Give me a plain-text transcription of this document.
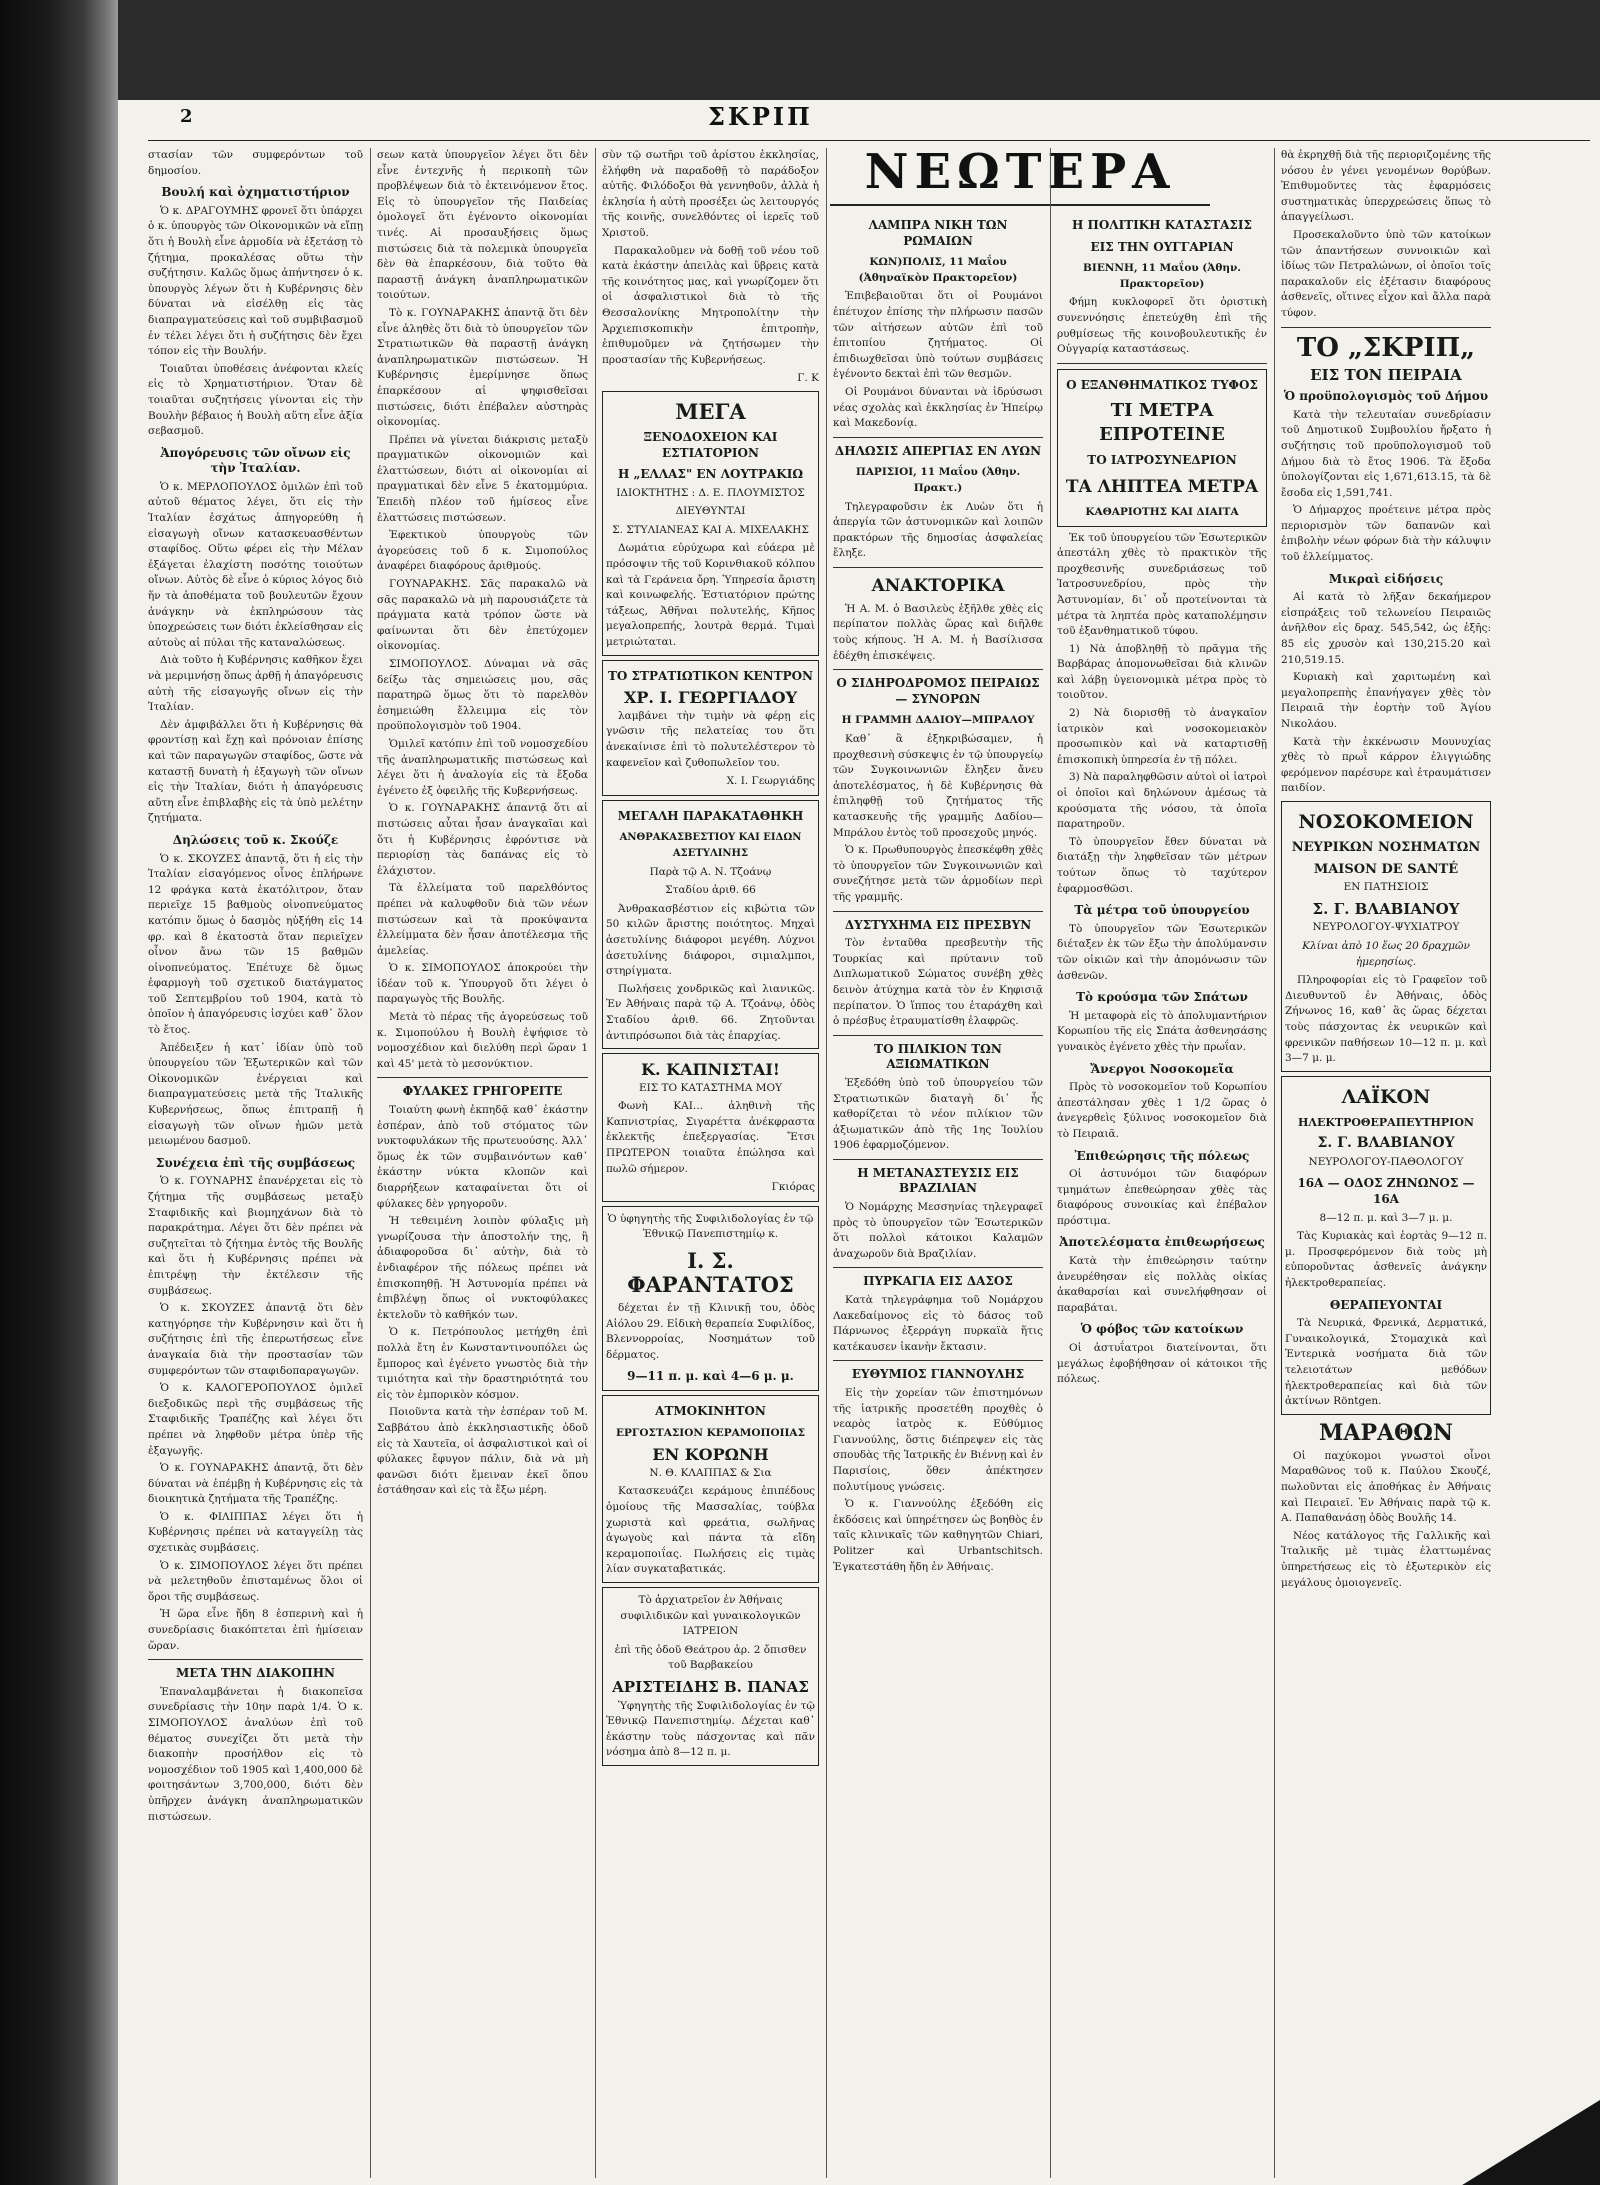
2	ΣΚΡΙΠ
ΝΕΩΤΕΡΑ

στασίαν τῶν συμφερόντων τοῦ δημοσίου.

Βουλή καὶ ὀχηματιστήριον

Ὁ κ. ΔΡΑΓΟΥΜΗΣ φρονεῖ ὅτι ὑπάρχει ὁ κ. ὑπουργὸς τῶν Οἰκονομικῶν νὰ εἴπῃ ὅτι ἡ Βουλὴ εἶνε ἁρμοδία νὰ ἐξετάσῃ τὸ ζήτημα, προκαλέσας οὕτω τὴν συζήτησιν. Καλῶς ὅμως ἀπήντησεν ὁ κ. ὑπουργὸς λέγων ὅτι ἡ Κυβέρνησις δὲν δύναται νὰ εἰσέλθῃ εἰς τὰς διαπραγματεύσεις καὶ τοῦ συμβιβασμοῦ ἐν τέλει λέγει ὅτι ἡ συζήτησις δὲν ἔχει τόπον εἰς τὴν Βουλήν.

Τοιαῦται ὑποθέσεις ἀνέφονται κλείς εἰς τὸ Χρηματιστήριον. Ὅταν δὲ τοιαῦται συζητήσεις γίνονται εἰς τὴν Βουλὴν βέβαιος ἡ Βουλὴ αὕτη εἶνε ἀξία σεβασμοῦ.

Ἀπογόρευσις τῶν οἴνων εἰς τὴν Ἰταλίαν.

Ὁ κ. ΜΕΡΛΟΠΟΥΛΟΣ ὁμιλῶν ἐπὶ τοῦ αὐτοῦ θέματος λέγει, ὅτι εἰς τὴν Ἰταλίαν ἐσχάτως ἀπηγορεύθη ἡ εἰσαγωγὴ οἴνων κατασκευασθέντων σταφίδος. Οὕτω φέρει εἰς τὴν Μέλαν ἐξάγεται ἐλαχίστη ποσότης τοιούτων οἴνων. Αὐτὸς δὲ εἶνε ὁ κύριος λόγος διὸ ἥν τὰ ἀποθέματα τοῦ βουλευτῶν ἔχουν ἀνάγκην νὰ ἐκπληρώσουν τὰς ὑποχρεώσεις των διότι ἐκλείσθησαν εἰς αὐτοὺς αἱ πύλαι τῆς καταναλώσεως.

Διὰ τοῦτο ἡ Κυβέρνησις καθῆκον ἔχει νὰ μεριμνήσῃ ὅπως ἀρθῇ ἡ ἀπαγόρευσις αὐτὴ τῆς εἰσαγωγῆς οἴνων εἰς τὴν Ἰταλίαν.

Δὲν ἀμφιβάλλει ὅτι ἡ Κυβέρνησις θὰ φροντίσῃ καὶ ἔχῃ καὶ πρόνοιαν ἐπίσης καὶ τῶν παραγωγῶν σταφίδος, ὥστε νὰ καταστῇ δυνατὴ ἡ ἐξαγωγὴ τῶν οἴνων εἰς τὴν Ἰταλίαν, διότι ἡ ἀπαγόρευσις αὕτη εἶνε ἐπιβλαβὴς εἰς τὰ ὑπὸ μελέτην ζητήματα.

Δηλώσεις τοῦ κ. Σκούζε

Ὁ κ. ΣΚΟΥΖΕΣ ἀπαντᾷ, ὅτι ἡ εἰς τὴν Ἰταλίαν εἰσαγόμενος οἶνος ἐπλήρωνε 12 φράγκα κατὰ ἑκατόλιτρον, ὅταν περιεῖχε 15 βαθμοὺς οἰνοπνεύματος κατόπιν ὅμως ὁ δασμὸς ηὐξήθη εἰς 14 φρ. καὶ 8 ἑκατοστὰ ὅταν περιεῖχεν οἶνον ἄνω τῶν 15 βαθμῶν οἰνοπνεύματος. Ἐπέτυχε δὲ ὅμως ἐφαρμογὴ τοῦ σχετικοῦ διατάγματος τοῦ Σεπτεμβρίου τοῦ 1904, κατὰ τὸ ὁποῖον ἡ ἀπαγόρευσις ἰσχύει καθ᾽ ὅλον τὸ ἔτος.

Ἀπέδειξεν ἡ κατ᾽ ἰδίαν ὑπὸ τοῦ ὑπουργείου τῶν Ἐξωτερικῶν καὶ τῶν Οἰκονομικῶν ἐνέργειαι καὶ διαπραγματεύσεις μετὰ τῆς Ἰταλικῆς Κυβερνήσεως, ὅπως ἐπιτραπῇ ἡ εἰσαγωγὴ τῶν οἴνων ἡμῶν μετὰ μειωμένου δασμοῦ.

Συνέχεια ἐπὶ τῆς συμβάσεως

Ὁ κ. ΓΟΥΝΑΡΗΣ ἐπανέρχεται εἰς τὸ ζήτημα τῆς συμβάσεως μεταξὺ Σταφιδικῆς καὶ βιομηχάνων διὰ τὸ παρακράτημα. Λέγει ὅτι δὲν πρέπει νὰ συζητεῖται τὸ ζήτημα ἐντὸς τῆς Βουλῆς καὶ ὅτι ἡ Κυβέρνησις πρέπει νὰ ἐπιτρέψῃ τὴν ἐκτέλεσιν τῆς συμβάσεως.

Ὁ κ. ΣΚΟΥΖΕΣ ἀπαντᾷ ὅτι δὲν κατηγόρησε τὴν Κυβέρνησιν καὶ ὅτι ἡ συζήτησις ἐπὶ τῆς ἐπερωτήσεως εἶνε ἀναγκαία διὰ τὴν προστασίαν τῶν συμφερόντων τῶν σταφιδοπαραγωγῶν.

Ὁ κ. ΚΑΛΟΓΕΡΟΠΟΥΛΟΣ ὁμιλεῖ διεξοδικῶς περὶ τῆς συμβάσεως τῆς Σταφιδικῆς Τραπέζης καὶ λέγει ὅτι πρέπει νὰ ληφθοῦν μέτρα ὑπὲρ τῆς ἐξαγωγῆς.

Ὁ κ. ΓΟΥΝΑΡΑΚΗΣ ἀπαντᾷ, ὅτι δὲν δύναται νὰ ἐπέμβῃ ἡ Κυβέρνησις εἰς τὰ διοικητικὰ ζητήματα τῆς Τραπέζης.

Ὁ κ. ΦΙΛΙΠΠΑΣ λέγει ὅτι ἡ Κυβέρνησις πρέπει νὰ καταγγείλῃ τὰς σχετικὰς συμβάσεις.

Ὁ κ. ΣΙΜΟΠΟΥΛΟΣ λέγει ὅτι πρέπει νὰ μελετηθοῦν ἐπισταμένως ὅλοι οἱ ὅροι τῆς συμβάσεως.

Ἡ ὥρα εἶνε ἤδη 8 ἑσπερινὴ καὶ ἡ συνεδρίασις διακόπτεται ἐπὶ ἡμίσειαν ὥραν.

ΜΕΤΑ ΤΗΝ ΔΙΑΚΟΠΗΝ

Ἐπαναλαμβάνεται ἡ διακοπεῖσα συνεδρίασις τὴν 10ην παρὰ 1/4. Ὁ κ. ΣΙΜΟΠΟΥΛΟΣ ἀναλύων ἐπὶ τοῦ θέματος συνεχίζει ὅτι μετὰ τὴν διακοπὴν προσήλθον εἰς τὸ νομοσχέδιον τοῦ 1905 καὶ 1,400,000 δὲ φοιτησάντων 3,700,000, διότι δὲν ὑπῆρχεν ἀνάγκη ἀναπληρωματικῶν πιστώσεων.

σεων κατὰ ὑπουργεῖον λέγει ὅτι δὲν εἶνε ἐντεχνῆς ἡ περικοπὴ τῶν προβλέψεων διὰ τὸ ἐκτεινόμενον ἔτος. Εἰς τὸ ὑπουργεῖον τῆς Παιδείας ὁμολογεῖ ὅτι ἐγένοντο οἰκονομίαι τινές. Αἱ προσαυξήσεις ὅμως πιστώσεις διὰ τὰ πολεμικὰ ὑπουργεῖα δὲν θὰ ἐπαρκέσουν, διὰ τοῦτο θὰ παραστῇ ἀνάγκη ἀναπληρωματικῶν τοιούτων.

Τὸ κ. ΓΟΥΝΑΡΑΚΗΣ ἀπαντᾷ ὅτι δὲν εἶνε ἀληθὲς ὅτι διὰ τὸ ὑπουργεῖον τῶν Στρατιωτικῶν θὰ παραστῇ ἀνάγκη ἀναπληρωματικῶν πιστώσεων. Ἡ Κυβέρνησις ἐμερίμνησε ὅπως ἐπαρκέσουν αἱ ψηφισθεῖσαι πιστώσεις, διότι ἐπέβαλεν αὐστηρὰς οἰκονομίας.

Πρέπει νὰ γίνεται διάκρισις μεταξὺ πραγματικῶν οἰκονομιῶν καὶ ἐλαττώσεων, διότι αἱ οἰκονομίαι αἱ πραγματικαὶ δὲν εἶνε 5 ἑκατομμύρια. Ἐπειδὴ πλέον τοῦ ἡμίσεος εἶνε ἐλαττώσεις πιστώσεων.

Ἐφεκτικοὺ ὑπουργοὺς τῶν ἀγορεύσεις τοῦ δ κ. Σιμοπούλος ἀναφέρει διαφόρους ἀριθμούς.

ΓΟΥΝΑΡΑΚΗΣ. Σᾶς παρακαλῶ νὰ σᾶς παρακαλῶ νὰ μὴ παρουσιάζετε τὰ πράγματα κατὰ τρόπον ὥστε νὰ φαίνωνται ὅτι δὲν ἐπετύχομεν οἰκονομίας.

ΣΙΜΟΠΟΥΛΟΣ. Δύναμαι νὰ σᾶς δείξω τὰς σημειώσεις μου, σᾶς παρατηρῶ ὅμως ὅτι τὸ παρελθὸν ἐσημειώθη ἔλλειμμα εἰς τὸν προϋπολογισμὸν τοῦ 1904.

Ὁμιλεῖ κατόπιν ἐπὶ τοῦ νομοσχεδίου τῆς ἀναπληρωματικῆς πιστώσεως καὶ λέγει ὅτι ἡ ἀναλογία εἰς τὰ ἔξοδα ἐγένετο ἐξ ὀφειλῆς τῆς Κυβερνήσεως.

Ὁ κ. ΓΟΥΝΑΡΑΚΗΣ ἀπαντᾷ ὅτι αἱ πιστώσεις αὗται ἦσαν ἀναγκαῖαι καὶ ὅτι ἡ Κυβέρνησις ἐφρόντισε νὰ περιορίσῃ τὰς δαπάνας εἰς τὸ ἐλάχιστον.

Τὰ ἐλλείματα τοῦ παρελθόντος πρέπει νὰ καλυφθοῦν διὰ τῶν νέων πιστώσεων καὶ τὰ προκύψαντα ἐλλείμματα δὲν ἦσαν ἀποτέλεσμα τῆς ἀμελείας.

Ὁ κ. ΣΙΜΟΠΟΥΛΟΣ ἀποκρούει τὴν ἰδέαν τοῦ κ. Ὑπουργοῦ ὅτι λέγει ὁ παραγωγὸς τῆς Βουλῆς.

Μετὰ τὸ πέρας τῆς ἀγορεύσεως τοῦ κ. Σιμοπούλου ἡ Βουλὴ ἐψήφισε τὸ νομοσχέδιον καὶ διελύθη περὶ ὥραν 1 καὶ 45' μετὰ τὸ μεσονύκτιον.

ΦΥΛΑΚΕΣ ΓΡΗΓΟΡΕΙΤΕ

Τοιαύτη φωνὴ ἐκπηδᾷ καθ᾽ ἑκάστην ἑσπέραν, ἀπὸ τοῦ στόματος τῶν νυκτοφυλάκων τῆς πρωτευούσης. Ἀλλ᾽ ὅμως ἐκ τῶν συμβαινόντων καθ᾽ ἑκάστην νύκτα κλοπῶν καὶ διαρρήξεων καταφαίνεται ὅτι οἱ φύλακες δὲν γρηγοροῦν.

Ἡ τεθειμένη λοιπὸν φύλαξις μὴ γνωρίζουσα τὴν ἀποστολήν της, ἢ ἀδιαφοροῦσα δι᾽ αὐτὴν, διὰ τὸ ἐνδιαφέρον τῆς πόλεως πρέπει νὰ ἐπισκοπηθῇ. Ἡ Ἀστυνομία πρέπει νὰ ἐπιβλέψῃ ὅπως οἱ νυκτοφύλακες ἐκτελοῦν τὸ καθῆκόν των.

Ὁ κ. Πετρόπουλος μετήχθη ἐπὶ πολλὰ ἔτη ἐν Κωνσταντινουπόλει ὡς ἔμπορος καὶ ἐγένετο γνωστὸς διὰ τὴν τιμιότητα καὶ τὴν δραστηριότητά του εἰς τὸν ἐμπορικὸν κόσμον.

Ποιοῦντα κατὰ τὴν ἑσπέραν τοῦ Μ. Σαββάτου ἀπὸ ἐκκλησιαστικῆς ὁδοῦ εἰς τὰ Χαυτεῖα, οἱ ἀσφαλιστικοὶ καὶ οἱ φύλακες ἔφυγον πάλιν, διὰ νὰ μὴ φανῶσι διότι ἔμειναν ἐκεῖ ὅπου ἐστάθησαν καὶ εἰς τὰ ἔξω μέρη.

σὺν τῷ σωτῆρι τοῦ ἀρίστου ἐκκλησίας, ἐλήφθη νὰ παραδοθῇ τὸ παράδοξον αὐτῆς. Φιλόδοξοι θὰ γεννηθοῦν, ἀλλὰ ἡ ἐκλησία ἡ αὐτὴ προσέξει ὡς λειτουργός τῆς κοινῆς, συνελθόντες οἱ ἱερεῖς τοῦ Χριστοῦ.

Παρακαλοῦμεν νὰ δοθῇ τοῦ νέου τοῦ κατὰ ἑκάστην ἀπειλὰς καὶ ὕβρεις κατὰ τῆς κοινότητος μας, καὶ γνωρίζομεν ὅτι οἱ ἀσφαλιστικοὶ διὰ τὸ τῆς Θεσσαλονίκης Μητροπολίτην τὴν Ἀρχιεπισκοπικὴν ἐπιτροπὴν, ἐπιθυμοῦμεν νὰ ζητήσωμεν τὴν προστασίαν τῆς Κυβερνήσεως.

Γ. Κ

ΜΕΓΑ

ΞΕΝΟΔΟΧΕΙΟΝ ΚΑΙ ΕΣΤΙΑΤΟΡΙΟΝ

Η „ΕΛΛΑΣ" ΕΝ ΛΟΥΤΡΑΚΙΩ

ΙΔΙΟΚΤΗΤΗΣ : Δ. Ε. ΠΛΟΥΜΙΣΤΟΣ

ΔΙΕΥΘΥΝΤΑΙ

Σ. ΣΤΥΛΙΑΝΕΑΣ ΚΑΙ Α. ΜΙΧΕΛΑΚΗΣ

Δωμάτια εὐρύχωρα καὶ εὐάερα μὲ πρόσοψιν τῆς τοῦ Κορινθιακοῦ κόλπου καὶ τὰ Γεράνεια ὄρη. Ὑπηρεσία ἄριστη καὶ κοινωφελής. Ἑστιατόριον πρώτης τάξεως, Ἀθῆναι πολυτελής, Κῆπος μεγαλοπρεπής, λουτρὰ θερμά. Τιμαὶ μετριώταται.

ΤΟ ΣΤΡΑΤΙΩΤΙΚΟΝ ΚΕΝΤΡΟΝ

ΧΡ. Ι. ΓΕΩΡΓΙΑΔΟΥ

λαμβάνει τὴν τιμὴν νὰ φέρῃ εἰς γνῶσιν τῆς πελατείας του ὅτι ἀνεκαίνισε ἐπὶ τὸ πολυτελέστερον τὸ καφενεῖον καὶ ζυθοπωλεῖον του.

Χ. Ι. Γεωργιάδης

ΜΕΓΑΛΗ ΠΑΡΑΚΑΤΑΘΗΚΗ

ΑΝΘΡΑΚΑΣΒΕΣΤΙΟΥ ΚΑΙ ΕΙΔΩΝ ΑΣΕΤΥΛΙΝΗΣ

Παρὰ τῷ Α. Ν. Τζοάνῳ

Σταδίου ἀριθ. 66

Ἀνθρακασβέστιον εἰς κιβώτια τῶν 50 κιλῶν ἄριστης ποιότητος. Μηχαὶ ἀσετυλίνης διάφοροι μεγέθη. Λύχνοι ἀσετυλίνης διάφοροι, σιμιαλμποι, στηρίγματα.

Πωλήσεις χονδρικῶς καὶ λιανικῶς. Ἐν Ἀθήναις παρὰ τῷ Α. Τζοάνῳ, ὁδὸς Σταδίου ἀριθ. 66. Ζητοῦνται ἀντιπρόσωποι διὰ τὰς ἐπαρχίας.

Κ. ΚΑΠΝΙΣΤΑΙ!

ΕΙΣ ΤΟ ΚΑΤΑΣΤΗΜΑ ΜΟΥ

Φωνὴ ΚΑΙ... ἀληθινὴ τῆς Καπνιστρίας, Σιγαρέττα ἀνέκφραστα ἐκλεκτῆς ἐπεξεργασίας. Ἔτσι ΠΡΩΤΕΡΟΝ τοιαῦτα ἐπώλησα καὶ πωλῶ σήμερον.

Γκιόρας

Ὁ ὑφηγητὴς τῆς Συφιλιδολογίας ἐν τῷ Ἐθνικῷ Πανεπιστημίῳ κ.

Ι. Σ. ΦΑΡΑΝΤΑΤΟΣ

δέχεται ἐν τῇ Κλινικῇ του, ὁδὸς Αἰόλου 29. Εἰδικὴ θεραπεία Συφιλίδος, Βλεννορροίας, Νοσημάτων τοῦ δέρματος.

9—11 π. μ. καὶ 4—6 μ. μ.

ΑΤΜΟΚΙΝΗΤΟΝ

ΕΡΓΟΣΤΑΣΙΟΝ ΚΕΡΑΜΟΠΟΙΙΑΣ

ΕΝ ΚΟΡΩΝΗ

Ν. Θ. ΚΛΑΠΠΑΣ & Σια

Κατασκευάζει κεράμους ἐπιπέδους ὁμοίους τῆς Μασσαλίας, τούβλα χωριστὰ καὶ φρεάτια, σωλῆνας ἀγωγοὺς καὶ πάντα τὰ εἴδη κεραμοποιΐας. Πωλήσεις εἰς τιμὰς λίαν συγκαταβατικάς.

Τὸ ἀρχιατρεῖον ἐν Ἀθήναις συφιλιδικῶν καὶ γυναικολογικῶν ΙΑΤΡΕΙΟΝ

ἐπὶ τῆς ὁδοῦ Θεάτρου ἀρ. 2 ὄπισθεν τοῦ Βαρβακείου

ΑΡΙΣΤΕΙΔΗΣ Β. ΠΑΝΑΣ

Ὑφηγητὴς τῆς Συφιλιδολογίας ἐν τῷ Ἐθνικῷ Πανεπιστημίῳ. Δέχεται καθ᾽ ἑκάστην τοὺς πάσχοντας καὶ πᾶν νόσημα ἀπὸ 8—12 π. μ.

ΛΑΜΠΡΑ ΝΙΚΗ ΤΩΝ ΡΩΜΑΙΩΝ

ΚΩΝ)ΠΟΛΙΣ, 11 Μαΐου (Ἀθηναϊκὸν Πρακτορεῖον)

Ἐπιβεβαιοῦται ὅτι οἱ Ρουμάνοι ἐπέτυχον ἐπίσης τὴν πλήρωσιν πασῶν τῶν αἰτήσεων αὐτῶν ἐπὶ τοῦ ἐπιτοπίου ζητήματος. Οἱ ἐπιδιωχθεῖσαι ὑπὸ τούτων συμβάσεις ἐγένοντο δεκταὶ ἐπὶ τῶν θεσμῶν.

Οἱ Ρουμάνοι δύνανται νὰ ἱδρύσωσι νέας σχολὰς καὶ ἐκκλησίας ἐν Ἠπείρῳ καὶ Μακεδονίᾳ.

ΔΗΛΩΣΙΣ ΑΠΕΡΓΙΑΣ ΕΝ ΛΥΩΝ

ΠΑΡΙΣΙΟΙ, 11 Μαΐου (Ἀθην. Πρακτ.)

Τηλεγραφοῦσιν ἐκ Λυὼν ὅτι ἡ ἀπεργία τῶν ἀστυνομικῶν καὶ λοιπῶν πρακτόρων τῆς δημοσίας ἀσφαλείας ἔληξε.

ΑΝΑΚΤΟΡΙΚΑ

Ἡ Α. Μ. ὁ Βασιλεὺς ἐξῆλθε χθὲς εἰς περίπατον πολλὰς ὥρας καὶ διῆλθε τοὺς κήπους. Ἡ Α. Μ. ἡ Βασίλισσα ἐδέχθη ἐπισκέψεις.

Ο ΣΙΔΗΡΟΔΡΟΜΟΣ ΠΕΙΡΑΙΩΣ — ΣΥΝΟΡΩΝ

Η ΓΡΑΜΜΗ ΔΑΔΙΟΥ—ΜΠΡΑΛΟΥ

Καθ᾽ ἃ ἐξηκριβώσαμεν, ἡ προχθεσινὴ σύσκεψις ἐν τῷ ὑπουργείῳ τῶν Συγκοινωνιῶν ἔληξεν ἄνευ ἀποτελέσματος, ἡ δὲ Κυβέρνησις θὰ ἐπιληφθῇ τοῦ ζητήματος τῆς κατασκευῆς τῆς γραμμῆς Δαδίου—Μπράλου ἐντὸς τοῦ προσεχοῦς μηνός.

Ὁ κ. Πρωθυπουργὸς ἐπεσκέφθη χθὲς τὸ ὑπουργεῖον τῶν Συγκοινωνιῶν καὶ συνεζήτησε μετὰ τῶν ἁρμοδίων περὶ τῆς γραμμῆς.

ΔΥΣΤΥΧΗΜΑ ΕΙΣ ΠΡΕΣΒΥΝ

Τὸν ἐνταῦθα πρεσβευτὴν τῆς Τουρκίας καὶ πρύτανιν τοῦ Διπλωματικοῦ Σώματος συνέβη χθὲς δεινὸν ἀτύχημα κατὰ τὸν ἐν Κηφισιᾷ περίπατον. Ὁ ἵππος του ἐταράχθη καὶ ὁ πρέσβυς ἐτραυματίσθη ἐλαφρῶς.

ΤΟ ΠΙΛΙΚΙΟΝ ΤΩΝ ΑΞΙΩΜΑΤΙΚΩΝ

Ἐξεδόθη ὑπὸ τοῦ ὑπουργείου τῶν Στρατιωτικῶν διαταγὴ δι᾽ ἧς καθορίζεται τὸ νέον πιλίκιον τῶν ἀξιωματικῶν ἀπὸ τῆς 1ης Ἰουλίου 1906 ἐφαρμοζόμενον.

Η ΜΕΤΑΝΑΣΤΕΥΣΙΣ ΕΙΣ ΒΡΑΖΙΛΙΑΝ

Ὁ Νομάρχης Μεσσηνίας τηλεγραφεῖ πρὸς τὸ ὑπουργεῖον τῶν Ἐσωτερικῶν ὅτι πολλοὶ κάτοικοι Καλαμῶν ἀναχωροῦν διὰ Βραζιλίαν.

ΠΥΡΚΑΓΙΑ ΕΙΣ ΔΑΣΟΣ

Κατὰ τηλεγράφημα τοῦ Νομάρχου Λακεδαίμονος εἰς τὸ δάσος τοῦ Πάρνωνος ἐξερράγη πυρκαϊὰ ἥτις κατέκαυσεν ἱκανὴν ἔκτασιν.

ΕΥΘΥΜΙΟΣ ΓΙΑΝΝΟΥΛΗΣ

Εἰς τὴν χορείαν τῶν ἐπιστημόνων τῆς ἰατρικῆς προσετέθη προχθὲς ὁ νεαρὸς ἰατρὸς κ. Εὐθύμιος Γιαννούλης, ὅστις διέπρεψεν εἰς τὰς σπουδὰς τῆς Ἰατρικῆς ἐν Βιέννῃ καὶ ἐν Παρισίοις, ὅθεν ἀπέκτησεν πολυτίμους γνώσεις.

Ὁ κ. Γιαννούλης ἐξεδόθη εἰς ἐκδόσεις καὶ ὑπηρέτησεν ὡς βοηθὸς ἐν ταῖς κλινικαῖς τῶν καθηγητῶν Chiari, Politzer καὶ Urbantschitsch. Ἐγκατεστάθη ἤδη ἐν Ἀθήναις.

Η ΠΟΛΙΤΙΚΗ ΚΑΤΑΣΤΑΣΙΣ

ΕΙΣ ΤΗΝ ΟΥΓΓΑΡΙΑΝ

ΒΙΕΝΝΗ, 11 Μαΐου (Ἀθην. Πρακτορεῖον)

Φήμη κυκλοφορεῖ ὅτι ὁριστικὴ συνεννόησις ἐπετεύχθη ἐπὶ τῆς ρυθμίσεως τῆς κοινοβουλευτικῆς ἐν Οὐγγαρίᾳ καταστάσεως.

Ο ΕΞΑΝΘΗΜΑΤΙΚΟΣ ΤΥΦΟΣ

ΤΙ ΜΕΤΡΑ ΕΠΡΟΤΕΙΝΕ

ΤΟ ΙΑΤΡΟΣΥΝΕΔΡΙΟΝ

ΤΑ ΛΗΠΤΕΑ ΜΕΤΡΑ

ΚΑΘΑΡΙΟΤΗΣ ΚΑΙ ΔΙΑΙΤΑ

Ἐκ τοῦ ὑπουργείου τῶν Ἐσωτερικῶν ἀπεστάλη χθὲς τὸ πρακτικὸν τῆς προχθεσινῆς συνεδριάσεως τοῦ Ἰατροσυνεδρίου, πρὸς τὴν Ἀστυνομίαν, δι᾽ οὗ προτείνονται τὰ μέτρα τὰ ληπτέα πρὸς καταπολέμησιν τοῦ ἐξανθηματικοῦ τύφου.

1) Νὰ ἀποβληθῇ τὸ πρᾶγμα τῆς Βαρβάρας ἀπομονωθεῖσαι διὰ κλινῶν καὶ λάβῃ ὑγειονομικὰ μέτρα πρὸς τὸ τοιοῦτον.

2) Νὰ διορισθῇ τὸ ἀναγκαῖον ἰατρικὸν καὶ νοσοκομειακὸν προσωπικὸν καὶ νὰ καταρτισθῇ ἐπισκοπικὴ ὑπηρεσία ἐν τῇ πόλει.

3) Νὰ παραληφθῶσιν αὐτοὶ οἱ ἰατροὶ οἱ ὁποῖοι καὶ δηλώνουν ἀμέσως τὰ κρούσματα τῆς νόσου, τὰ ὁποῖα παρατηροῦν.

Τὸ ὑπουργεῖον ἔθεν δύναται νὰ διατάξῃ τὴν ληφθεῖσαν τῶν μέτρων τούτων ὅπως τὸ ταχύτερον ἐφαρμοσθῶσι.

Τὰ μέτρα τοῦ ὑπουργείου

Τὸ ὑπουργεῖον τῶν Ἐσωτερικῶν διέταξεν ἐκ τῶν ἔξω τὴν ἀπολύμανσιν τῶν οἰκιῶν καὶ τὴν ἀπομόνωσιν τῶν ἀσθενῶν.

Τὸ κρούσμα τῶν Σπάτων

Ἡ μεταφορὰ εἰς τὸ ἀπολυμαντήριον Κορωπίου τῆς εἰς Σπάτα ἀσθενησάσης γυναικὸς ἐγένετο χθὲς τὴν πρωΐαν.

Ἄνεργοι Νοσοκομεῖα

Πρὸς τὸ νοσοκομεῖον τοῦ Κορωπίου ἀπεστάλησαν χθὲς 1 1/2 ὥρας ὁ ἀνεγερθεὶς ξύλινος νοσοκομεῖον διὰ τὸ Πειραιᾶ.

Ἐπιθεώρησις τῆς πόλεως

Οἱ ἀστυνόμοι τῶν διαφόρων τμημάτων ἐπεθεώρησαν χθὲς τὰς διαφόρους συνοικίας καὶ ἐπέβαλον πρόστιμα.

Ἀποτελέσματα ἐπιθεωρήσεως

Κατὰ τὴν ἐπιθεώρησιν ταύτην ἀνευρέθησαν εἰς πολλὰς οἰκίας ἀκαθαρσίαι καὶ συνελήφθησαν οἱ παραβάται.

Ὁ φόβος τῶν κατοίκων

Οἱ ἀστυΐατροι διατείνονται, ὅτι μεγάλως ἐφοβήθησαν οἱ κάτοικοι τῆς πόλεως.

θὰ ἐκρηχθῇ διὰ τῆς περιοριζομένης τῆς νόσου ἐν γένει γενομένων θορύβων. Ἐπιθυμοῦντες τὰς ἐφαρμόσεις συστηματικὰς ὑπερχρεώσεις ὅπως τὸ ἀπαγγείλωσι.

Προσεκαλοῦντο ὑπὸ τῶν κατοίκων τῶν ἀπαντήσεων συννοικιῶν καὶ ἰδίως τῶν Πετραλώνων, οἱ ὁποῖοι τοῖς παρακαλοῦν εἰς ἐξέτασιν διαφόρους ἀσθενεῖς, οἵτινες εἶχον καὶ ἄλλα παρὰ τύφον.

ΤΟ „ΣΚΡΙΠ„

ΕΙΣ ΤΟΝ ΠΕΙΡΑΙΑ

Ὁ προϋπολογισμὸς τοῦ Δήμου

Κατὰ τὴν τελευταίαν συνεδρίασιν τοῦ Δημοτικοῦ Συμβουλίου ἤρξατο ἡ συζήτησις τοῦ προϋπολογισμοῦ τοῦ Δήμου διὰ τὸ ἔτος 1906. Τὰ ἔξοδα ὑπολογίζονται εἰς 1,671,613.15, τὰ δὲ ἔσοδα εἰς 1,591,741.

Ὁ Δήμαρχος προέτεινε μέτρα πρὸς περιορισμὸν τῶν δαπανῶν καὶ ἐπιβολὴν νέων φόρων διὰ τὴν κάλυψιν τοῦ ἐλλείμματος.

Μικραὶ εἰδήσεις

Αἱ κατὰ τὸ λῆξαν δεκαήμερον εἰσπράξεις τοῦ τελωνείου Πειραιῶς ἀνῆλθον εἰς δραχ. 545,542, ὡς ἑξῆς: 85 εἰς χρυσὸν καὶ 130,215.20 καὶ 210,519.15.

Κυριακὴ καὶ χαριτωμένη καὶ μεγαλοπρεπὴς ἐπανήγαγεν χθὲς τὸν Πειραιᾶ τὴν ἑορτὴν τοῦ Ἁγίου Νικολάου.

Κατὰ τὴν ἐκκένωσιν Μουνυχίας χθὲς τὸ πρωῒ κάρρον ἐλιγγιώδης φερόμενον παρέσυρε καὶ ἐτραυμάτισεν παιδίον.

ΝΟΣΟΚΟΜΕΙΟΝ

ΝΕΥΡΙΚΩΝ ΝΟΣΗΜΑΤΩΝ

MAISON DE SANTÉ

ΕΝ ΠΑΤΗΣΙΟΙΣ

Σ. Γ. ΒΛΑΒΙΑΝΟΥ

ΝΕΥΡΟΛΟΓΟΥ-ΨΥΧΙΑΤΡΟΥ

Κλίναι ἀπὸ 10 ἕως 20 δραχμῶν ἡμερησίως.

Πληροφορίαι εἰς τὸ Γραφεῖον τοῦ Διευθυντοῦ ἐν Ἀθήναις, ὁδὸς Ζήνωνος 16, καθ᾽ ἃς ὥρας δέχεται τοὺς πάσχοντας ἐκ νευρικῶν καὶ φρενικῶν παθήσεων 10—12 π. μ. καὶ 3—7 μ. μ.

ΛΑΪΚΟΝ

ΗΛΕΚΤΡΟΘΕΡΑΠΕΥΤΗΡΙΟΝ

Σ. Γ. ΒΛΑΒΙΑΝΟΥ

ΝΕΥΡΟΛΟΓΟΥ-ΠΑΘΟΛΟΓΟΥ

16Α — ΟΔΟΣ ΖΗΝΩΝΟΣ — 16Α

8—12 π. μ. καὶ 3—7 μ. μ.

Τὰς Κυριακὰς καὶ ἑορτὰς 9—12 π. μ. Προσφερόμενον διὰ τοὺς μὴ εὐποροῦντας ἀσθενεῖς ἀνάγκην ἠλεκτροθεραπείας.

ΘΕΡΑΠΕΥΟΝΤΑΙ

Τὰ Νευρικά, Φρενικά, Δερματικά, Γυναικολογικά, Στομαχικὰ καὶ Ἐντερικὰ νοσήματα διὰ τῶν τελειοτάτων μεθόδων ἠλεκτροθεραπείας καὶ διὰ τῶν ἀκτίνων Röntgen.

ΜΑΡΑΘΩΝ

Οἱ παχύκομοι γνωστοὶ οἶνοι Μαραθῶνος τοῦ κ. Παύλου Σκουζέ, πωλοῦνται εἰς ἀποθήκας ἐν Ἀθήναις καὶ Πειραιεῖ. Ἐν Ἀθήναις παρὰ τῷ κ. Α. Παπαθανάσῃ ὁδὸς Βουλῆς 14.

Νέος κατάλογος τῆς Γαλλικῆς καὶ Ἰταλικῆς μὲ τιμὰς ἐλαττωμένας ὑπηρετήσεως εἰς τὸ ἐξωτερικὸν εἰς μεγάλους ὁμοιογενεῖς.
